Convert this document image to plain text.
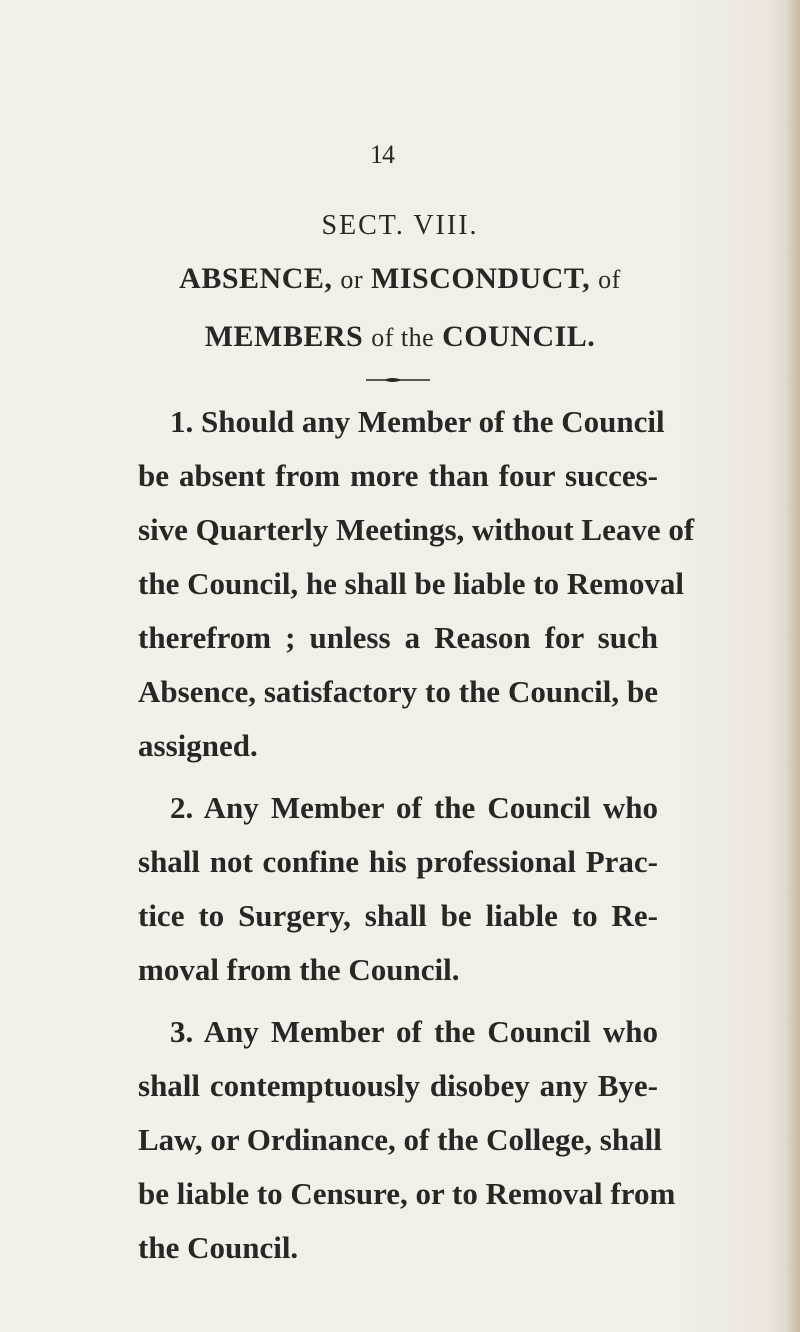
14
SECT. VIII.
ABSENCE, or MISCONDUCT, of
MEMBERS of the COUNCIL.
1. Should any Member of the Council
be absent from more than four succes-
sive Quarterly Meetings, without Leave of
the Council, he shall be liable to Removal
therefrom ; unless a Reason for such
Absence, satisfactory to the Council, be
assigned.
2. Any Member of the Council who
shall not confine his professional Prac-
tice to Surgery, shall be liable to Re-
moval from the Council.
3. Any Member of the Council who
shall contemptuously disobey any Bye-
Law, or Ordinance, of the College, shall
be liable to Censure, or to Removal from
the Council.
